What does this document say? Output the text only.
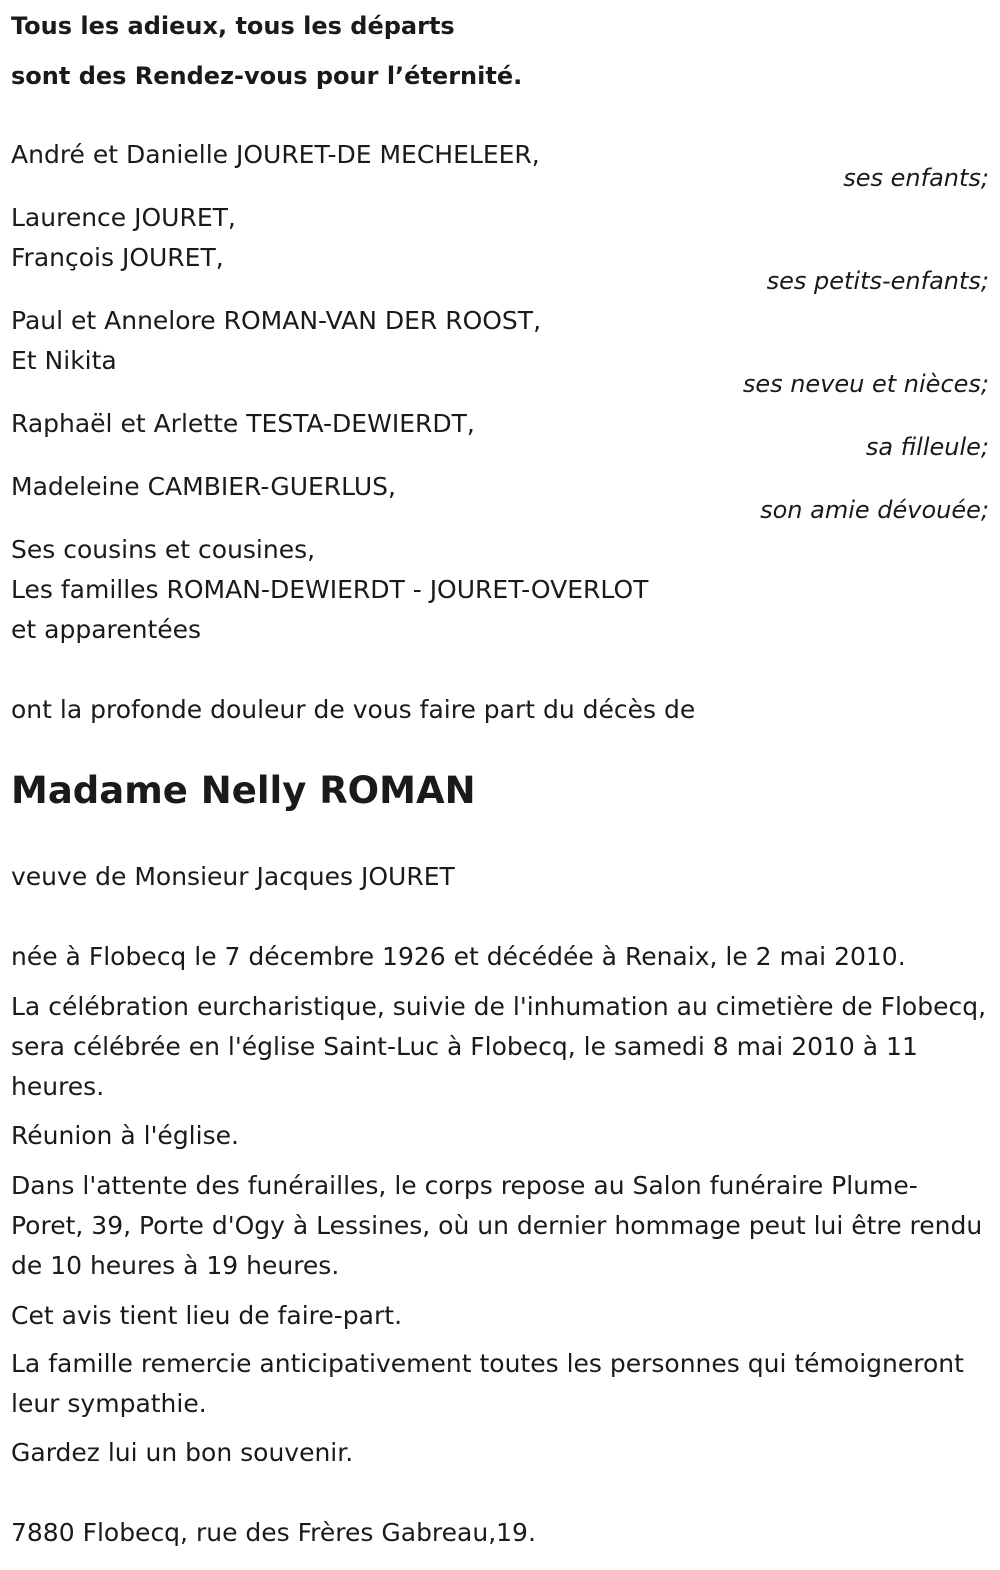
Tous les adieux, tous les départs
sont des Rendez-vous pour l’éternité.
André et Danielle JOURET-DE MECHELEER,
ses enfants;
Laurence JOURET,
François JOURET,
ses petits-enfants;
Paul et Annelore ROMAN-VAN DER ROOST,
Et Nikita
ses neveu et nièces;
Raphaël et Arlette TESTA-DEWIERDT,
sa filleule;
Madeleine CAMBIER-GUERLUS,
son amie dévouée;
Ses cousins et cousines,
Les familles ROMAN-DEWIERDT - JOURET-OVERLOT
et apparentées
ont la profonde douleur de vous faire part du décès de
Madame Nelly ROMAN
veuve de Monsieur Jacques JOURET
née à Flobecq le 7 décembre 1926 et décédée à Renaix, le 2 mai 2010.
La célébration eurcharistique, suivie de l'inhumation au cimetière de Flobecq, sera célébrée en l'église Saint-Luc à Flobecq, le samedi 8 mai 2010 à 11 heures.
Réunion à l'église.
Dans l'attente des funérailles, le corps repose au Salon funéraire Plume-Poret, 39, Porte d'Ogy à Lessines, où un dernier hommage peut lui être rendu de 10 heures à 19 heures.
Cet avis tient lieu de faire-part.
La famille remercie anticipativement toutes les personnes qui témoigneront leur sympathie.
Gardez lui un bon souvenir.
7880 Flobecq, rue des Frères Gabreau,19.
